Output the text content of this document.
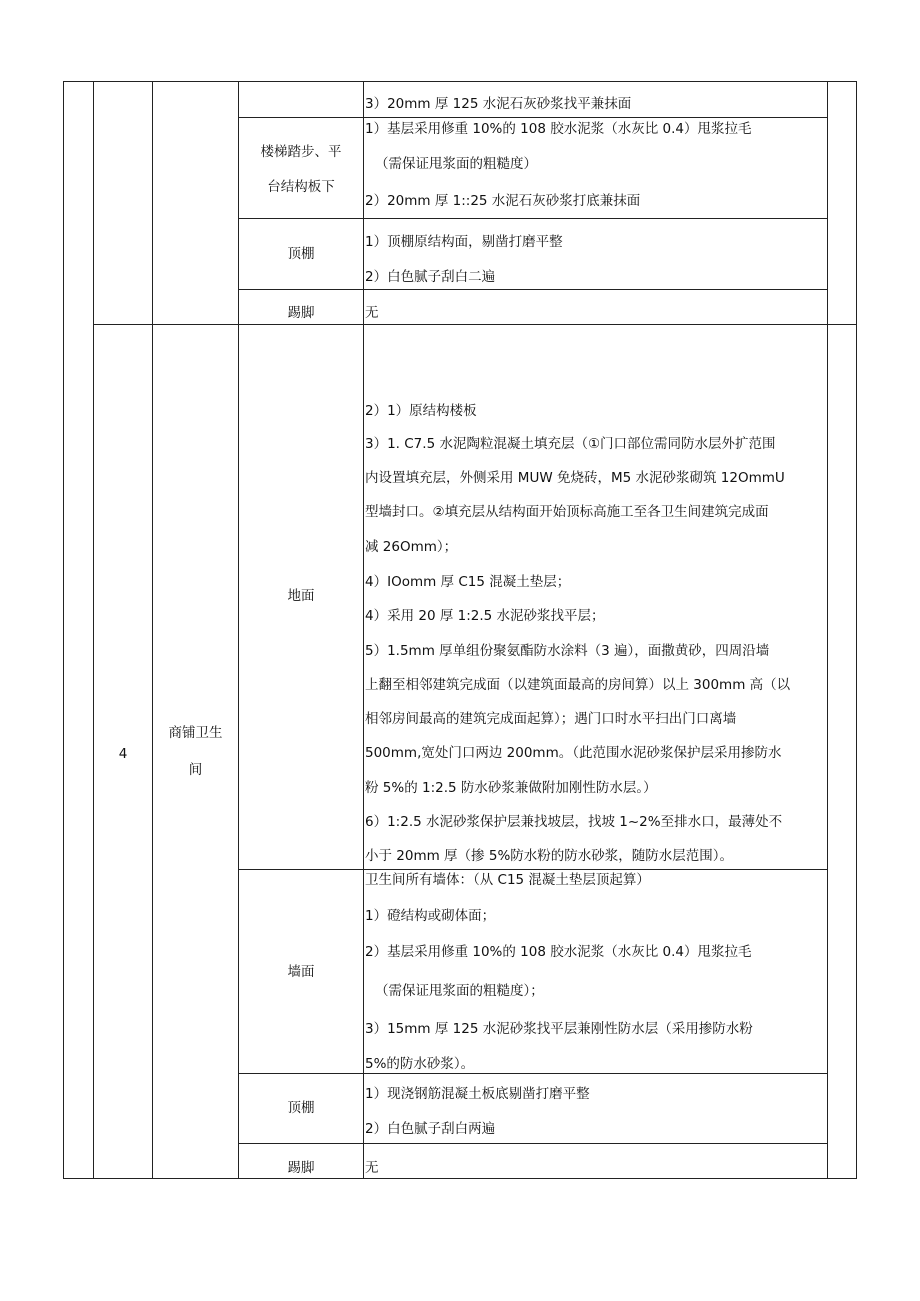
3）20mm 厚 125 水泥石灰砂浆找平兼抹面
楼梯踏步、平
台结构板下
1）基层采用修重 10%的 108 胶水泥浆（水灰比 0.4）甩浆拉毛
（需保证甩浆面的粗糙度）
2）20mm 厚 1::25 水泥石灰砂浆打底兼抹面
顶棚
1）顶棚原结构面，剔凿打磨平整
2）白色腻子刮白二遍
踢脚	无
4
商铺卫生
间
地面
2）1）原结构楼板
3）1. C7.5 水泥陶粒混凝土填充层（①门口部位需同防水层外扩范围
内设置填充层，外侧采用 MUW 免烧砖，M5 水泥砂浆砌筑 12OmmU
型墙封口。②填充层从结构面开始顶标高施工至各卫生间建筑完成面
减 26Omm）；
4）IOomm 厚 C15 混凝土垫层；
4）采用 20 厚 1:2.5 水泥砂浆找平层；
5）1.5mm 厚单组份聚氨酯防水涂料（3 遍），面撒黄砂，四周沿墙
上翻至相邻建筑完成面（以建筑面最高的房间算）以上 300mm 高（以
相邻房间最高的建筑完成面起算）；遇门口时水平扫出门口离墙
500mm,宽处门口两边 200mm。（此范围水泥砂浆保护层采用掺防水
粉 5%的 1:2.5 防水砂浆兼做附加刚性防水层。）
6）1:2.5 水泥砂浆保护层兼找坡层，找坡 1~2%至排水口，最薄处不
小于 20mm 厚（掺 5%防水粉的防水砂浆，随防水层范围）。
墙面
卫生间所有墙体：（从 C15 混凝土垫层顶起算）
1）磴结构或砌体面；
2）基层采用修重 10%的 108 胶水泥浆（水灰比 0.4）甩浆拉毛
（需保证甩浆面的粗糙度）；
3）15mm 厚 125 水泥砂浆找平层兼刚性防水层（采用掺防水粉
5%的防水砂浆）。
顶棚
1）现浇钢筋混凝土板底剔凿打磨平整
2）白色腻子刮白两遍
踢脚	无
